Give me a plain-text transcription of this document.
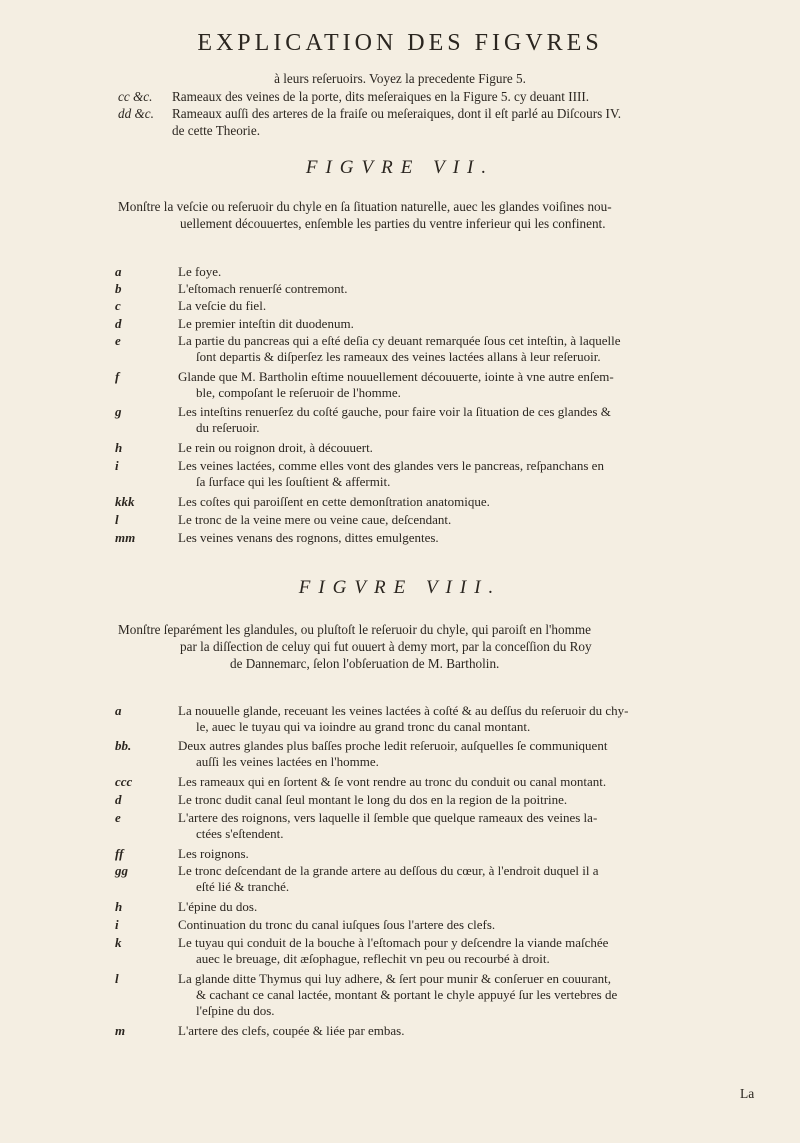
EXPLICATION DES FIGVRES
à leurs reſeruoirs. Voyez la precedente Figure 5.
cc &c.	Rameaux des veines de la porte, dits meſeraiques en la Figure 5. cy deuant IIII.
dd &c.	Rameaux auſſi des arteres de la fraiſe ou meſeraiques, dont il eſt parlé au Diſcours IV.
de cette Theorie.
FIGVRE VII.
Monſtre la veſcie ou reſeruoir du chyle en ſa ſituation naturelle, auec les glandes voiſines nou-
uellement découuertes, enſemble les parties du ventre inferieur qui les confinent.
a	Le foye.
b	L'eſtomach renuerſé contremont.
c	La veſcie du fiel.
d	Le premier inteſtin dit duodenum.
e	La partie du pancreas qui a eſté deſia cy deuant remarquée ſous cet inteſtin, à laquelle
ſont departis & diſperſez les rameaux des veines lactées allans à leur reſeruoir.
f	Glande que M. Bartholin eſtime nouuellement découuerte, iointe à vne autre enſem-
ble, compoſant le reſeruoir de l'homme.
g	Les inteſtins renuerſez du coſté gauche, pour faire voir la ſituation de ces glandes &
du reſeruoir.
h	Le rein ou roignon droit, à découuert.
i	Les veines lactées, comme elles vont des glandes vers le pancreas, reſpanchans en
ſa ſurface qui les ſouſtient & affermit.
kkk	Les coſtes qui paroiſſent en cette demonſtration anatomique.
l	Le tronc de la veine mere ou veine caue, deſcendant.
mm	Les veines venans des rognons, dittes emulgentes.
FIGVRE VIII.
Monſtre ſeparément les glandules, ou pluſtoſt le reſeruoir du chyle, qui paroiſt en l'homme
par la diſſection de celuy qui fut ouuert à demy mort, par la conceſſion du Roy
de Dannemarc, ſelon l'obſeruation de M. Bartholin.
a	La nouuelle glande, receuant les veines lactées à coſté & au deſſus du reſeruoir du chy-
le, auec le tuyau qui va ioindre au grand tronc du canal montant.
bb.	Deux autres glandes plus baſſes proche ledit reſeruoir, auſquelles ſe communiquent
auſſi les veines lactées en l'homme.
ccc	Les rameaux qui en ſortent & ſe vont rendre au tronc du conduit ou canal montant.
d	Le tronc dudit canal ſeul montant le long du dos en la region de la poitrine.
e	L'artere des roignons, vers laquelle il ſemble que quelque rameaux des veines la-
ctées s'eſtendent.
ff	Les roignons.
gg	Le tronc deſcendant de la grande artere au deſſous du cœur, à l'endroit duquel il a
eſté lié & tranché.
h	L'épine du dos.
i	Continuation du tronc du canal iuſques ſous l'artere des clefs.
k	Le tuyau qui conduit de la bouche à l'eſtomach pour y deſcendre la viande maſchée
auec le breuage, dit æſophague, reflechit vn peu ou recourbé à droit.
l	La glande ditte Thymus qui luy adhere, & ſert pour munir & conſeruer en couurant,
& cachant ce canal lactée, montant & portant le chyle appuyé ſur les vertebres de
l'eſpine du dos.
m	L'artere des clefs, coupée & liée par embas.
La
